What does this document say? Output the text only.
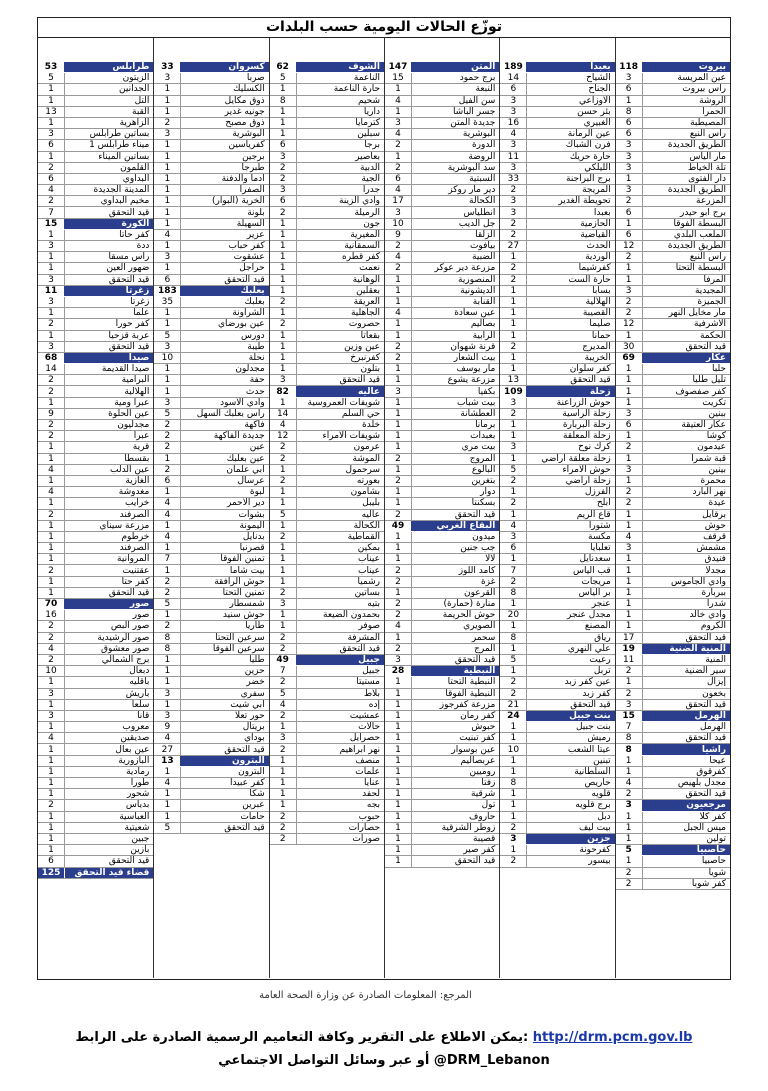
توزّع الحالات اليومية حسب البلدات
118	بيروت
3	عين المريسة
6	راس بيروت
1	الروشة
8	الحمرا
6	المصيطبة
6	رأس النبع
3	الطريق الجديدة
3	مار الياس
3	تلة الخياط
1	دار الفتوى
3	الطريق الجديدة
2	المزرعة
6	برج ابو حيدر
1	البسطة الفوقا
6	الملعب البلدي
12	الطريق الجديدة
2	رأس النبع
1	البسطة التحتا
1	المرفأ
3	المجيدية
2	الجميزة
2	مار مخايل النهر
12	الاشرفية
1	الحكمة
30	قيد التحقق
69	عكار
1	حلبا
1	تليل طليا
1	كفر صفصوف
1	تكريت
3	ببنين
6	عكار العتيقة
1	كوشا
2	عيدمون
1	قبة شمرا
3	بينين
1	محمرة
2	نهر البارد
2	عيدة
1	برقايل
1	حوش
4	قرقف
3	مشمش
1	فنيدق
1	مجدلا
1	وادي الجاموس
1	ببربارة
1	شدرا
1	وادي خالد
1	الكروم
17	قيد التحقق
19	المنية الضنية
11	المنية
2	سير الضنية
1	إيزال
2	بخعون
3	قيد التحقق
15	الهرمل
7	الهرمل
8	قيد التحقق
8	راشيا
1	عيحا
1	كفرقوق
4	مجدل بلهيص
2	قيد التحقق
3	مرجعيون
1	كفر كلا
1	ميس الجبل
1	تولين
5	حاصبيا
1	حاصبيا
2	شويا
2	كفر شوبا
189	بعبدا
14	الشياح
6	الجناح
3	الاوزاعي
3	بئر حسن
16	الغبيري
4	عين الرمانة
3	فرن الشباك
11	حارة حريك
3	الليلكي
33	برج البراجنة
2	المريجة
3	تحويطة الغدير
3	بعبدا
2	الحازمية
2	القياضية
27	الحدث
1	الوردية
2	كفرشيما
2	حارة الست
1	بسابا
1	الهلالية
1	القصيبة
1	صليما
1	حمانا
2	المديرج
1	الخريبة
1	كفر سلوان
13	قيد التحقق
109	زحلة
3	حوش الزراعنة
2	زحلة الراسية
1	زحلة البربارة
1	زحلة المعلقة
3	كرك نوح
1	زحلة معلقة اراضي
5	حوش الامراء
2	زحلة أراضي
1	الفرزل
2	ابلح
1	قاع الريم
4	شتورا
3	مكسة
6	تعلبايا
1	سعدنايل
7	قب الياس
2	مريجات
8	بر الياس
1	عنجر
20	مجدل عنجر
1	المصنع
8	رياق
1	علي النهري
5	رعيت
1	تربل
2	عين كفر زبد
2	كفر زبد
21	قيد التحقق
24	بنت جبيل
1	بنت جبيل
1	رميش
10	عيتا الشعب
1	تبنين
1	السلطانية
8	حاريص
1	قلويه
1	برج قلويه
1	دبل
2	بيت ليف
3	جزين
1	كفرحونة
2	بيسور
147	المتن
15	برج حمود
1	النبعة
4	سن الفيل
1	جسر الباشا
3	جديدة المتن
4	البوشرية
2	الدورة
1	الروضة
2	سد البوشرية
6	السبتية
4	دير مار روكز
17	الكحالة
3	انطلياس
10	جل الديب
9	الزلقا
2	بيافوت
4	الضبية
2	مزرعة دير عوكر
1	المنصورية
1	الديشونية
1	القنابة
4	عين سعادة
1	بصاليم
1	الرابية
2	قرنة شهوان
2	بيت الشعار
1	مار يوسف
1	مزرعة يشوع
3	بكفيا
1	بيت شباب
1	العطشانة
1	برمانا
1	بعبدات
1	بيت مري
2	المروج
1	البالوع
2	بتغرين
1	دوار
1	بسكنتا
2	قيد التحقق
49	البقاع الغربي
1	ميدون
1	جب جنين
1	لالا
2	كامد اللوز
2	غزة
1	القرعون
2	منارة (حمارة)
2	حوش الحريمة
4	الصويري
1	سحمر
2	المرج
3	قيد التحقق
28	النبطية
1	النبطية التحتا
1	النبطية الفوقا
1	مزرعة كفرجوز
1	كفر رمان
1	حبوش
1	كفر تبنيت
1	عين بوسوار
1	عربصاليم
1	روميين
1	زفتا
1	شرقية
1	تول
1	حاروف
1	زوطر الشرقية
1	قصيبة
1	كفر صير
1	قيد التحقق
62	الشوف
5	الناعمة
1	حارة الناعمة
8	شحيم
1	داريا
1	كترمايا
1	سبلين
6	برجا
3	بعاصير
2	الدبية
2	الجية
3	جدرا
6	وادي الزينة
2	الرميلة
1	جون
1	المغيرية
1	السمقانية
1	كفر قطره
1	نعمت
1	الوهانية
1	بعقلين
2	العريقة
1	الجاهلية
2	حصروت
1	بقعاتا
1	عين وزين
1	كفرنبرخ
1	بتلون
3	قيد التحقق
82	عاليه
1	شويفات العمروسية
14	حي السلم
4	خلدة
12	شويفات الامراء
2	عرمون
2	الموشة
1	سرحمول
2	بعورته
1	بشامون
1	بليبل
5	عاليه
1	الكحالة
2	القماطية
1	بمكين
1	عيناب
1	عيناب
1	رشميا
2	بساتين
3	بتيه
1	بحمدون الضيعة
1	صوفر
2	المشرفة
2	قيد التحقق
49	جبيل
7	جبيل
2	مستيتا
5	بلاط
4	إده
2	عمشيت
1	حالات
3	حصرايل
2	نهر ابراهيم
1	منصف
1	علمات
1	عنايا
1	لحفد
1	بجه
2	حبوب
2	حصارات
2	صورات
33	كسروان
3	صربا
1	الكسليك
1	ذوق مكايل
1	جونيه غدير
2	ذوق مصبح
3	البوشرية
1	كفرياسين
1	برجين
1	طبرجا
1	أدما والدفنة
1	الصفرا
1	الخرية (البوار)
1	بلونة
1	السهيلة
4	عزير
1	كفر حباب
3	عشقوت
1	حراجل
6	قيد التحقق
183	بعلبك
35	بعلبك
1	الشراونة
1	عين بورضاي
5	دورس
3	طيبة
10	نحلة
1	مجدلون
1	حفة
1	حدث
3	وادي الاسود
5	راس بعلبك السهل
2	فاكهة
2	جديدة الفاكهة
2	عين
1	عين بعلبك
2	ابي علمان
6	عرسال
1	لبوة
4	دير الاحمر
4	بشوات
1	اليمونة
4	بدنايل
1	قصرنبا
7	تمنين الفوقا
1	بيت شاما
2	حوش الرافقة
2	تمنين التحتا
5	شمسطار
1	حوش سنيد
2	طاريا
8	سرعين التحتا
8	سرعين الفوقا
1	طليا
1	حزين
1	خضر
3	سفري
1	ابي شيت
3	حور تعلا
9	بريتال
4	بوداي
27	قيد التحقق
13	البترون
1	البترون
4	كفر عبيدا
1	شكا
1	عبرين
1	حامات
5	قيد التحقق
53	طرابلس
5	الزيتون
1	الجدانين
1	التل
13	القبة
1	الزاهرية
3	بساتين طرابلس
6	ميناء طرابلس 1
1	بساتين الميناء
2	القلمون
6	البداوي
4	المدينة الجديدة
2	مخيم البداوي
7	قيد التحقق
15	الكورة
1	كفر حاتا
3	ددة
1	راس مسقا
1	ضهور العين
3	قيد التحقق
11	زغرتا
3	زغرتا
1	علما
2	كفر حورا
1	عربة قزحيا
3	قيد التحقق
68	صيدا
14	صيدا القديمة
2	البرامية
2	الهلالية
1	عبرا ومية
9	عين الحلوة
2	مجدليون
2	عبرا
1	قرية
1	بقسطا
4	عين الدلب
1	الغازية
4	مغدوشة
1	خرايب
2	الصرفند
1	مزرعة سيناي
1	خرطوم
1	الصرفند
1	المروانية
2	عقتنيت
1	كفر حتا
1	قيد التحقق
70	صور
16	صور
2	صور البص
2	صور الرشيدية
4	صور معشوق
2	برج الشمالي
10	دبعال
1	باقليه
3	باريش
1	سلعا
3	قانا
1	معروب
4	صديقين
1	عين بعال
1	البازورية
1	رمادية
1	طورا
1	شحور
2	بدياس
1	العباسية
1	شعيتية
1	جبين
1	بازين
6	قيد التحقق
125	قضاء قيد التحقق
المرجع: المعلومات الصادرة عن وزارة الصحة العامة
يمكن الاطلاع على التقرير وكافة التعاميم الرسمية الصادرة على الرابط: http://drm.pcm.gov.lb
أو عبر وسائل التواصل الاجتماعي @DRM_Lebanon
